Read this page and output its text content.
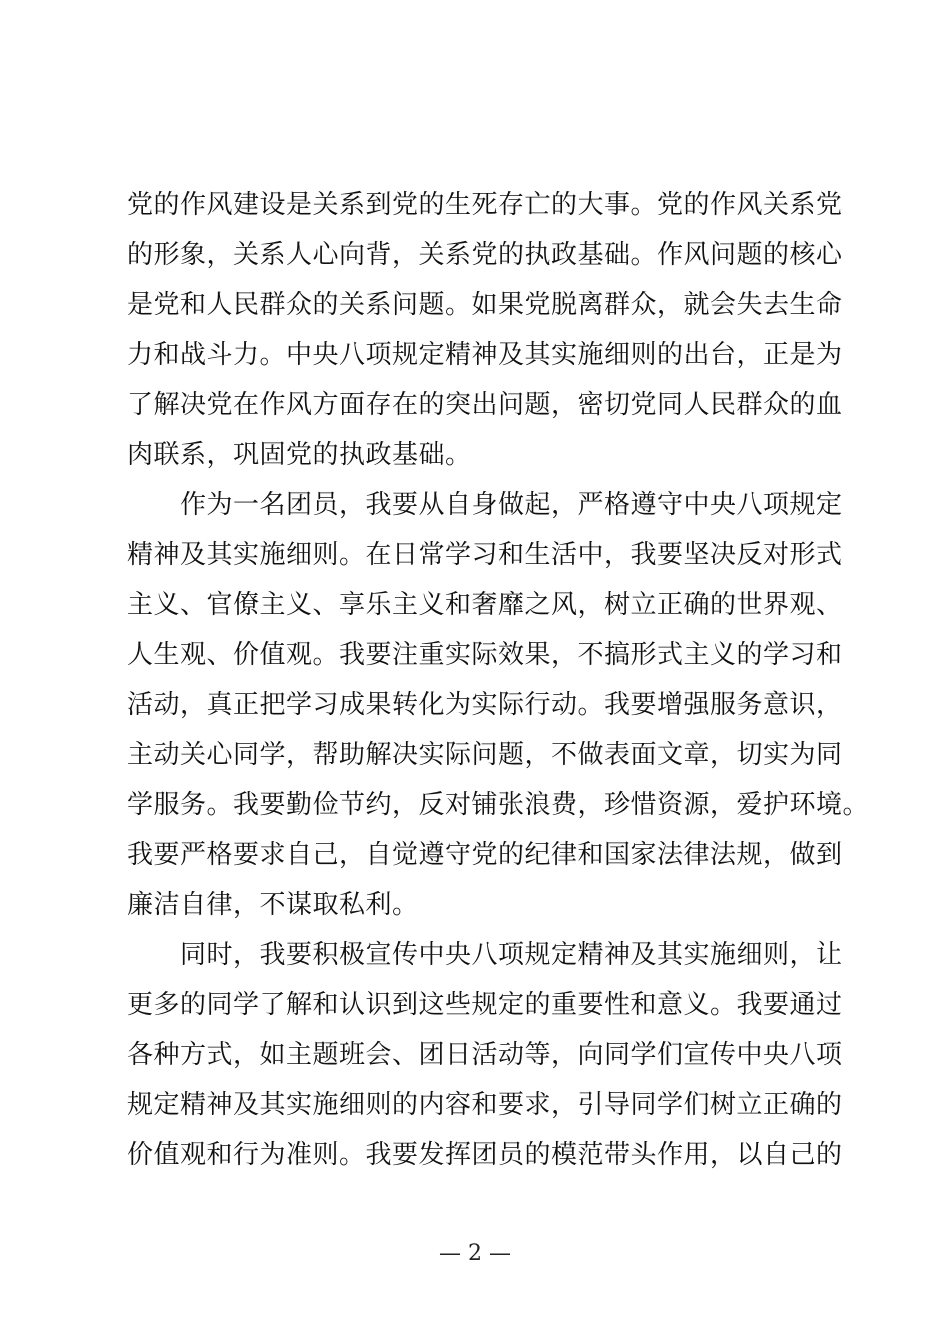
党的作风建设是关系到党的生死存亡的大事。党的作风关系党
的形象，关系人心向背，关系党的执政基础。作风问题的核心
是党和人民群众的关系问题。如果党脱离群众，就会失去生命
力和战斗力。中央八项规定精神及其实施细则的出台，正是为
了解决党在作风方面存在的突出问题，密切党同人民群众的血
肉联系，巩固党的执政基础。
　　作为一名团员，我要从自身做起，严格遵守中央八项规定
精神及其实施细则。在日常学习和生活中，我要坚决反对形式
主义、官僚主义、享乐主义和奢靡之风，树立正确的世界观、
人生观、价值观。我要注重实际效果，不搞形式主义的学习和
活动，真正把学习成果转化为实际行动。我要增强服务意识，
主动关心同学，帮助解决实际问题，不做表面文章，切实为同
学服务。我要勤俭节约，反对铺张浪费，珍惜资源，爱护环境。
我要严格要求自己，自觉遵守党的纪律和国家法律法规，做到
廉洁自律，不谋取私利。
　　同时，我要积极宣传中央八项规定精神及其实施细则，让
更多的同学了解和认识到这些规定的重要性和意义。我要通过
各种方式，如主题班会、团日活动等，向同学们宣传中央八项
规定精神及其实施细则的内容和要求，引导同学们树立正确的
价值观和行为准则。我要发挥团员的模范带头作用，以自己的
— 2 —
